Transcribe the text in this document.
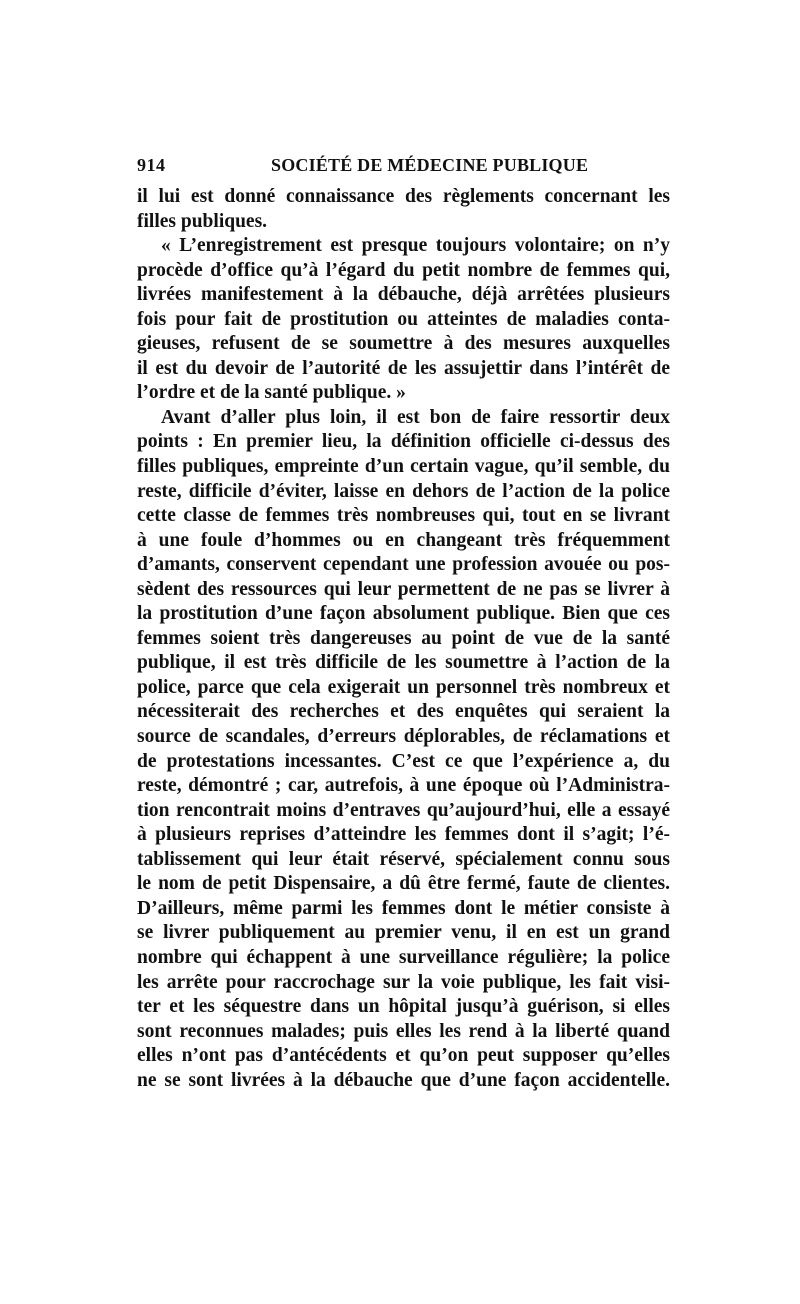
914	SOCIÉTÉ DE MÉDECINE PUBLIQUE
il lui est donné connaissance des règlements concernant les
filles publiques.
« L’enregistrement est presque toujours volontaire; on n’y
procède d’office qu’à l’égard du petit nombre de femmes qui,
livrées manifestement à la débauche, déjà arrêtées plusieurs
fois pour fait de prostitution ou atteintes de maladies conta-
gieuses, refusent de se soumettre à des mesures auxquelles
il est du devoir de l’autorité de les assujettir dans l’intérêt de
l’ordre et de la santé publique. »
Avant d’aller plus loin, il est bon de faire ressortir deux
points : En premier lieu, la définition officielle ci-dessus des
filles publiques, empreinte d’un certain vague, qu’il semble, du
reste, difficile d’éviter, laisse en dehors de l’action de la police
cette classe de femmes très nombreuses qui, tout en se livrant
à une foule d’hommes ou en changeant très fréquemment
d’amants, conservent cependant une profession avouée ou pos-
sèdent des ressources qui leur permettent de ne pas se livrer à
la prostitution d’une façon absolument publique. Bien que ces
femmes soient très dangereuses au point de vue de la santé
publique, il est très difficile de les soumettre à l’action de la
police, parce que cela exigerait un personnel très nombreux et
nécessiterait des recherches et des enquêtes qui seraient la
source de scandales, d’erreurs déplorables, de réclamations et
de protestations incessantes. C’est ce que l’expérience a, du
reste, démontré ; car, autrefois, à une époque où l’Administra-
tion rencontrait moins d’entraves qu’aujourd’hui, elle a essayé
à plusieurs reprises d’atteindre les femmes dont il s’agit; l’é-
tablissement qui leur était réservé, spécialement connu sous
le nom de petit Dispensaire, a dû être fermé, faute de clientes.
D’ailleurs, même parmi les femmes dont le métier consiste à
se livrer publiquement au premier venu, il en est un grand
nombre qui échappent à une surveillance régulière; la police
les arrête pour raccrochage sur la voie publique, les fait visi-
ter et les séquestre dans un hôpital jusqu’à guérison, si elles
sont reconnues malades; puis elles les rend à la liberté quand
elles n’ont pas d’antécédents et qu’on peut supposer qu’elles
ne se sont livrées à la débauche que d’une façon accidentelle.
